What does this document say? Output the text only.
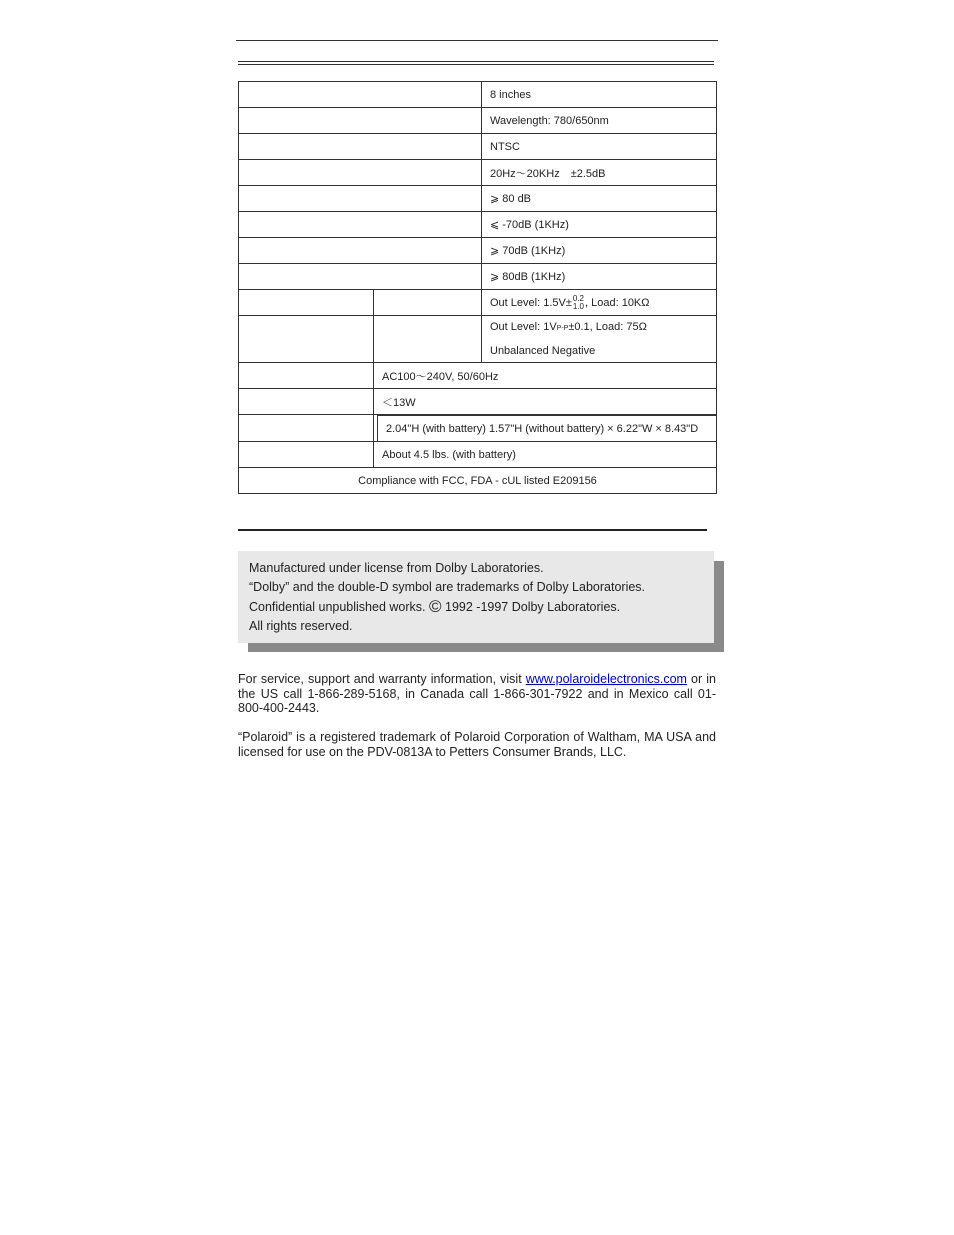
		8 inches
		Wavelength: 780/650nm
		NTSC
		20Hz～20KHz　±2.5dB
		⩾ 80 dB
		⩽ -70dB (1KHz)
		⩾ 70dB (1KHz)
		⩾ 80dB (1KHz)
		Out Level: 1.5V± 0.2
1.0 , Load: 10KΩ
		Out Level: 1VP-P±0.1, Load: 75Ω
Unbalanced Negative
	AC100～240V, 50/60Hz	
	＜13W	

	2.04"H (with battery) 1.57"H (without battery) × 6.22"W × 8.43"D	

	About 4.5 lbs. (with battery)	
Compliance with FCC, FDA - cUL listed E209156		
Manufactured under license from Dolby Laboratories.
“Dolby” and the double-D symbol are trademarks of Dolby Laboratories.
Confidential unpublished works. © 1992 -1997 Dolby Laboratories.
All rights reserved.

For service, support and warranty information, visit www.polaroidelectronics.com or in the US call 1-866-289-5168, in Canada call 1-866-301-7922 and in Mexico call 01-800-400-2443.

“Polaroid” is a registered trademark of Polaroid Corporation of Waltham, MA USA and licensed for use on the PDV-0813A to Petters Consumer Brands, LLC.
